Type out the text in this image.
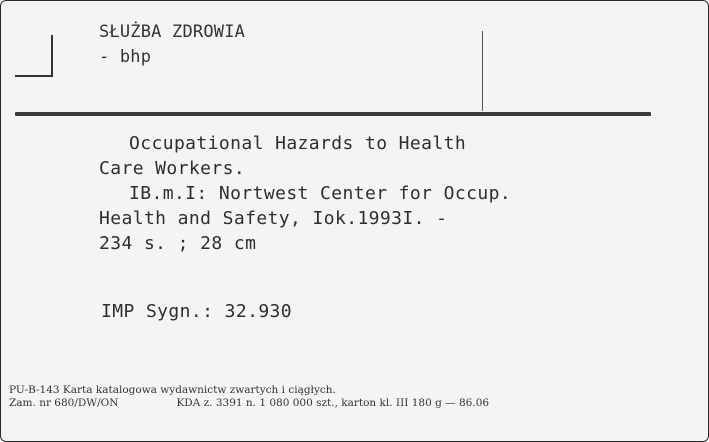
SŁUŻBA ZDROWIA
- bhp
Occupational Hazards to Health
Care Workers.
IB.m.I: Nortwest Center for Occup.
Health and Safety, Iok.1993I. -
234 s. ; 28 cm
IMP Sygn.: 32.930
PU-B-143 Karta katalogowa wydawnictw zwartych i ciągłych.
Zam. nr 680/DW/ON	KDA z. 3391 n. 1 080 000 szt., karton kl. III 180 g — 86.06
